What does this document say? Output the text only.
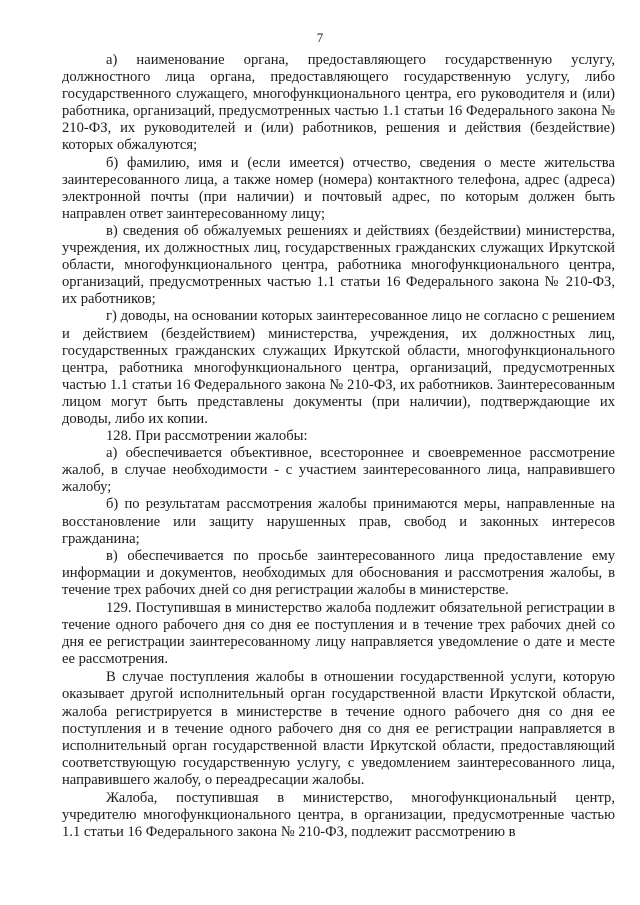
7

а) наименование органа, предоставляющего государственную услугу, должностного лица органа, предоставляющего государственную услугу, либо государственного служащего, многофункционального центра, его руководителя и (или) работника, организаций, предусмотренных частью 1.1 статьи 16 Федерального закона № 210-ФЗ, их руководителей и (или) работников, решения и действия (бездействие) которых обжалуются;

б) фамилию, имя и (если имеется) отчество, сведения о месте жительства заинтересованного лица, а также номер (номера) контактного телефона, адрес (адреса) электронной почты (при наличии) и почтовый адрес, по которым должен быть направлен ответ заинтересованному лицу;

в) сведения об обжалуемых решениях и действиях (бездействии) министерства, учреждения, их должностных лиц, государственных гражданских служащих Иркутской области, многофункционального центра, работника многофункционального центра, организаций, предусмотренных частью 1.1 статьи 16 Федерального закона № 210-ФЗ, их работников;

г) доводы, на основании которых заинтересованное лицо не согласно с решением и действием (бездействием) министерства, учреждения, их должностных лиц, государственных гражданских служащих Иркутской области, многофункционального центра, работника многофункционального центра, организаций, предусмотренных частью 1.1 статьи 16 Федерального закона № 210-ФЗ, их работников. Заинтересованным лицом могут быть представлены документы (при наличии), подтверждающие их доводы, либо их копии.

128. При рассмотрении жалобы:

а) обеспечивается объективное, всестороннее и своевременное рассмотрение жалоб, в случае необходимости - с участием заинтересованного лица, направившего жалобу;

б) по результатам рассмотрения жалобы принимаются меры, направленные на восстановление или защиту нарушенных прав, свобод и законных интересов гражданина;

в) обеспечивается по просьбе заинтересованного лица предоставление ему информации и документов, необходимых для обоснования и рассмотрения жалобы, в течение трех рабочих дней со дня регистрации жалобы в министерстве.

129. Поступившая в министерство жалоба подлежит обязательной регистрации в течение одного рабочего дня со дня ее поступления и в течение трех рабочих дней со дня ее регистрации заинтересованному лицу направляется уведомление о дате и месте ее рассмотрения.

В случае поступления жалобы в отношении государственной услуги, которую оказывает другой исполнительный орган государственной власти Иркутской области, жалоба регистрируется в министерстве в течение одного рабочего дня со дня ее поступления и в течение одного рабочего дня со дня ее регистрации направляется в исполнительный орган государственной власти Иркутской области, предоставляющий соответствующую государственную услугу, с уведомлением заинтересованного лица, направившего жалобу, о переадресации жалобы.

Жалоба, поступившая в министерство, многофункциональный центр, учредителю многофункционального центра, в организации, предусмотренные частью 1.1 статьи 16 Федерального закона № 210-ФЗ, подлежит рассмотрению в
